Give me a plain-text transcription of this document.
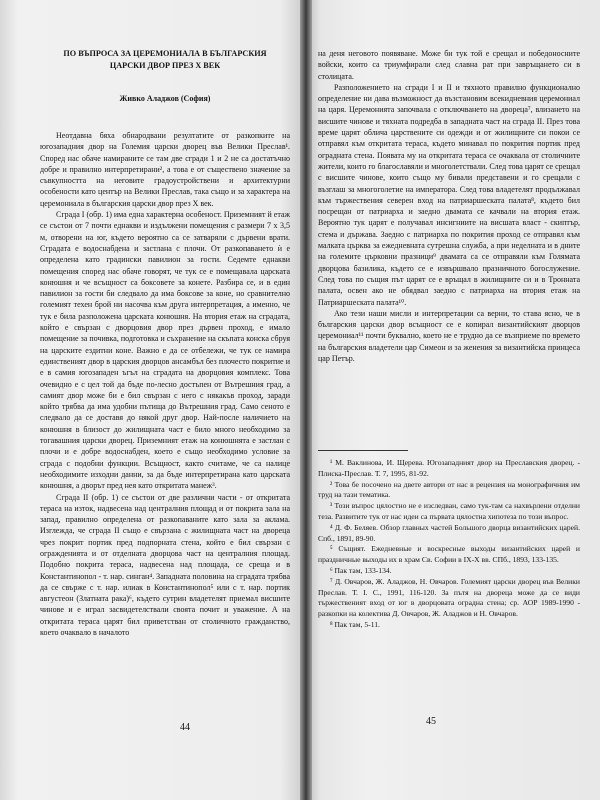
ПО ВЪПРОСА ЗА ЦЕРЕМОНИАЛА В БЪЛГАРСКИЯ
ЦАРСКИ ДВОР ПРЕЗ Х ВЕК
Живко Аладжов (София)

Неотдавна бяха обнародвани резултатите от разкопките на югозападния двор на Големия царски дворец във Велики Преслав¹. Според нас обаче намираните се там две сгради 1 и 2 не са достатъчно добре и правилно интерпретирани², а това е от съществено значение за съвкупността на неговите градоустройствени и архитектурни особености като център на Велики Преслав, така също и за характера на церемониала в българския царски двор през Х век.

Сграда I (обр. 1) има една характерна особеност. Приземният й етаж се състои от 7 почти еднакви и издължени помещения с размери 7 х 3,5 м, отворени на юг, където вероятно са се затваряли с дървени врати. Сградата е водоснабдена и застлана с плочи. От разкопаването ѝ е определена като градински павилион за гости. Седемте еднакви помещения според нас обаче говорят, че тук се е помещавала царската конюшня и че всъщност са боксовете за конете. Разбира се, и в един павилион за гости би следвало да има боксове за коне, но сравнително големият техен брой ни насочва към друга интерпретация, а именно, че тук е била разположена царската конюшня. На втория етаж на сградата, който е свързан с дворцовия двор през дървен проход, е имало помещение за почивка, подготовка и съхранение на скъпата конска сбруя на царските ездитни коне. Важно е да се отбележи, че тук се намира единственият двор в царския дворцов ансамбъл без плочесто покритие и е в самия югозападен ъгъл на сградата на дворцовия комплекс. Това очевидно е с цел той да бъде по-лесно достъпен от Вътрешния град, а самият двор може би е бил свързан с него с някакъв проход, заради който трябва да има удобни пътища до Вътрешния град. Само сеното е следвало да се доставя до някой друг двор. Най-после наличието на конюшня в близост до жилищната част е било много необходимо за тогавашния царски дворец. Приземният етаж на конюшнята е застлан с плочи и е добре водоснабден, което е също необходимо условие за сграда с подобни функции. Всъщност, както считаме, че са налице необходимите изходни данни, за да бъде интерпретирана като царската конюшня, а дворът пред нея като откритата манеж³.

Сграда II (обр. 1) се състои от две различни части - от откритата тераса на изток, надвесена над централния площад и от покрита зала на запад, правилно определена от разкопаваните като зала за аклама. Изглежда, че сграда II също е свързана с жилищната част на двореца чрез покрит портик пред подпорната стена, който е бил свързан с огражденията и от отделната дворцова част на централния площад. Подобно покрита тераса, надвесена над площада, се среща и в Константинопол - т. нар. синган⁴. Западната половина на сградата трябва да се свърже с т. нар. илиак в Константинопол⁵ или с т. нар. портик августеон (Златната рака)⁶, където сутрин владетелят приемал висшите чинове и е играл засвидетелствали своята почит и уважение. А на откритата тераса царят бил приветстван от столичното гражданство, което очаквало в началото

44

на деня неговото появяване. Може би тук той е срещал и победоносните войски, които са триумфирали след славна рат при завръщането си в столицата.

Разположението на сгради I и II и тяхното правилно функционално определение ни дава възможност да възстановим всекидневния церемониал на царя. Церемонията започвала с отключването на двореца⁷, влизането на висшите чинове и тяхната подредба в западната част на сграда II. През това време царят облича царствените си одежди и от жилищните си покои се отправял към откритата тераса, където минавал по покрития портик пред оградната стена. Появата му на откритата тераса се очаквала от столичните жители, които го благославяли и многолетствали. След това царят се срещал с висшите чинове, които също му бивали представени и го срещали с възглаш за многоголетие на императора. След това владетелят продължавал към тържествения северен вход на патриаршеската палата⁸, където бил посрещан от патриарха и заедно двамата се качвали на втория етаж. Вероятно тук царят е получавал инсигниите на висшата власт - скиптър, стема и държава. Заедно с патриарха по покрития проход се отправял към малката църква за ежедневната сутрешна служба, а при неделната и в дните на големите църковни празници⁹ двамата са се отправяли към Голямата дворцова базилика, където се е извършвало празничното богослужение. След това по същия път царят се е връщал в жилищните си и в Тронната палата, освен ако не обядвал заедно с патриарха на втория етаж на Патриаршеската палата¹⁰.

Ако тези наши мисли и интерпретации са верни, то става ясно, че в българския царски двор всъщност се е копирал византийският дворцов церемониал¹¹ почти буквално, което не е трудно да се възприеме по времето на българския владетели цар Симеон и за женения за византийска принцеса цар Петър.

¹ М. Ваклинова, И. Щерева. Югозападният двор на Преславския дворец. - Плиска-Преслав. Т. 7, 1995, 81-92.

² Това бе посочено на двете автори от нас в рецензия на монографичния им труд на тази тематика.

³ Този въпрос цялостно не е изследван, само тук-там са нахвърлени отделни теза. Развитите тук от нас идеи са първата цялостна хипотеза по този въпрос.

⁴ Д. Ф. Беляев. Обзор главных частей Большого дворца византийских царей. Спб., 1891, 89-90.

⁵ Същият. Ежедневные и воскресные выходы византийских царей и праздничные выходы их в храм Св. Софии в IX-X вв. СПб., 1893, 133-135.

⁶ Пак там, 133-134.

⁷ Д. Овчаров, Ж. Аладжов, Н. Овчаров. Големият царски дворец във Велики Преслав. Т. I. С., 1991, 116-120. За пътя на двореца може да се види тържественият вход от юг в дворцовата оградна стена; ср. АОР 1989-1990 - разкопки на колектива Д. Овчаров, Ж. Аладжов и Н. Овчаров.

⁸ Пак там, 5-11.

45
